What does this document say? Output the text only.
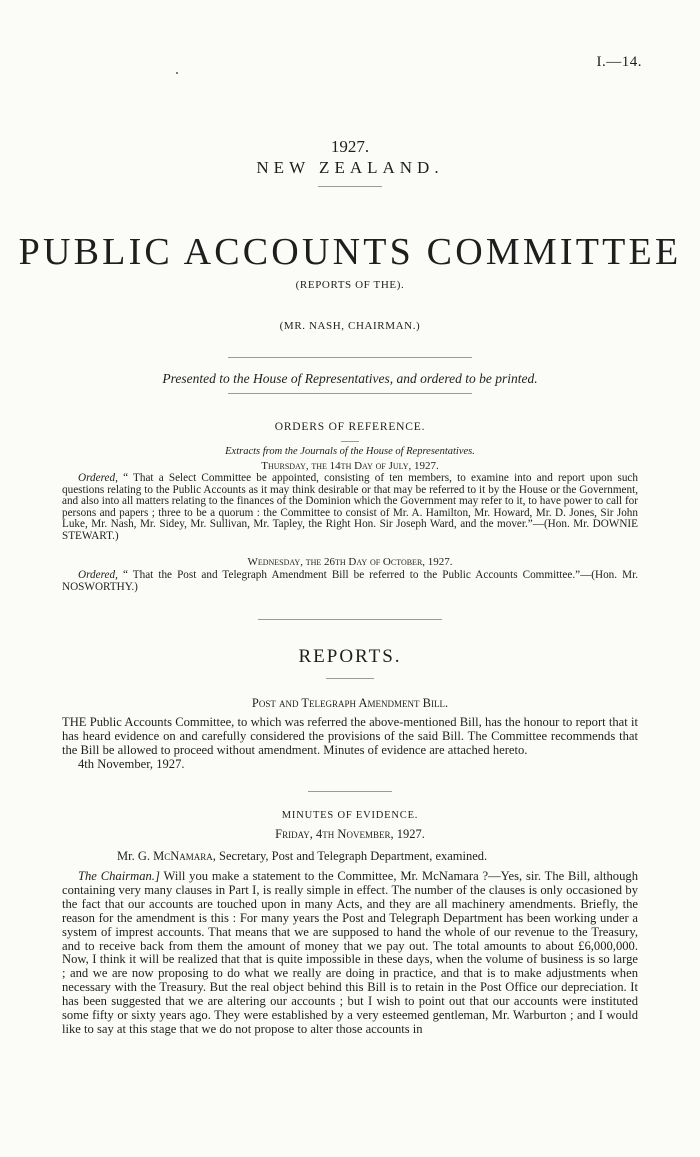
I.—14.
1927.
NEW ZEALAND.
PUBLIC ACCOUNTS COMMITTEE
(REPORTS OF THE).
(MR. NASH, CHAIRMAN.)
Presented to the House of Representatives, and ordered to be printed.
ORDERS OF REFERENCE.
Extracts from the Journals of the House of Representatives.
Thursday, the 14th Day of July, 1927.

Ordered, “ That a Select Committee be appointed, consisting of ten members, to examine into and report upon such questions relating to the Public Accounts as it may think desirable or that may be referred to it by the House or the Government, and also into all matters relating to the finances of the Dominion which the Government may refer to it, to have power to call for persons and papers ; three to be a quorum : the Committee to consist of Mr. A. Hamilton, Mr. Howard, Mr. D. Jones, Sir John Luke, Mr. Nash, Mr. Sidey, Mr. Sullivan, Mr. Tapley, the Right Hon. Sir Joseph Ward, and the mover.”—(Hon. Mr. DOWNIE STEWART.)

Wednesday, the 26th Day of October, 1927.

Ordered, “ That the Post and Telegraph Amendment Bill be referred to the Public Accounts Committee.”—(Hon. Mr. NOSWORTHY.)

REPORTS.
Post and Telegraph Amendment Bill.

THE Public Accounts Committee, to which was referred the above-mentioned Bill, has the honour to report that it has heard evidence on and carefully considered the provisions of the said Bill. The Committee recommends that the Bill be allowed to proceed without amendment. Minutes of evidence are attached hereto.

4th November, 1927.

MINUTES OF EVIDENCE.
Friday, 4th November, 1927.
Mr. G. McNamara, Secretary, Post and Telegraph Department, examined.

The Chairman.] Will you make a statement to the Committee, Mr. McNamara ?—Yes, sir. The Bill, although containing very many clauses in Part I, is really simple in effect. The number of the clauses is only occasioned by the fact that our accounts are touched upon in many Acts, and they are all machinery amendments. Briefly, the reason for the amendment is this : For many years the Post and Telegraph Department has been working under a system of imprest accounts. That means that we are supposed to hand the whole of our revenue to the Treasury, and to receive back from them the amount of money that we pay out. The total amounts to about £6,000,000. Now, I think it will be realized that that is quite impossible in these days, when the volume of business is so large ; and we are now proposing to do what we really are doing in practice, and that is to make adjustments when necessary with the Treasury. But the real object behind this Bill is to retain in the Post Office our depreciation. It has been suggested that we are altering our accounts ; but I wish to point out that our accounts were instituted some fifty or sixty years ago. They were established by a very esteemed gentleman, Mr. Warburton ; and I would like to say at this stage that we do not propose to alter those accounts in
